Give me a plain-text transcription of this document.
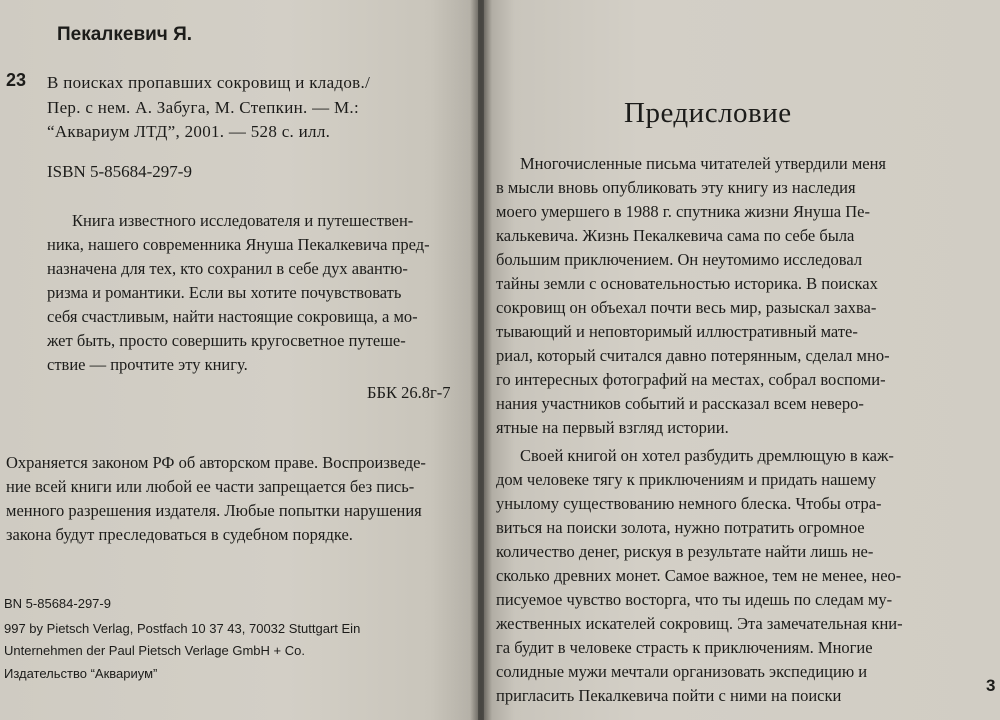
Пекалкевич Я.
23 В поисках пропавших сокровищ и кладов./
Пер. с нем. А. Забуга, М. Степкин. — М.:
“Аквариум ЛТД”, 2001. — 528 с. илл.
ISBN 5-85684-297-9
Книга известного исследователя и путешествен-
ника, нашего современника Януша Пекалкевича пред-
назначена для тех, кто сохранил в себе дух авантю-
ризма и романтики. Если вы хотите почувствовать
себя счастливым, найти настоящие сокровища, а мо-
жет быть, просто совершить кругосветное путеше-
ствие — прочтите эту книгу.
ББК 26.8г-7
Охраняется законом РФ об авторском праве. Воспроизведе-
ние всей книги или любой ее части запрещается без пись-
менного разрешения издателя. Любые попытки нарушения
закона будут преследоваться в судебном порядке.
BN 5-85684-297-9
997 by Pietsch Verlag, Postfach 10 37 43, 70032 Stuttgart Ein
Unternehmen der Paul Pietsch Verlage GmbH + Co.
Издательство “Аквариум”
Предисловие
Многочисленные письма читателей утвердили меня
в мысли вновь опубликовать эту книгу из наследия
моего умершего в 1988 г. спутника жизни Януша Пе-
калькевича. Жизнь Пекалкевича сама по себе была
большим приключением. Он неутомимо исследовал
тайны земли с основательностью историка. В поисках
сокровищ он объехал почти весь мир, разыскал захва-
тывающий и неповторимый иллюстративный мате-
риал, который считался давно потерянным, сделал мно-
го интересных фотографий на местах, собрал воспоми-
нания участников событий и рассказал всем неверо-
ятные на первый взгляд истории.
Своей книгой он хотел разбудить дремлющую в каж-
дом человеке тягу к приключениям и придать нашему
унылому существованию немного блеска. Чтобы отра-
виться на поиски золота, нужно потратить огромное
количество денег, рискуя в результате найти лишь не-
сколько древних монет. Самое важное, тем не менее, нео-
писуемое чувство восторга, что ты идешь по следам му-
жественных искателей сокровищ. Эта замечательная кни-
га будит в человеке страсть к приключениям. Многие
солидные мужи мечтали организовать экспедицию и
пригласить Пекалкевича пойти с ними на поиски
3
